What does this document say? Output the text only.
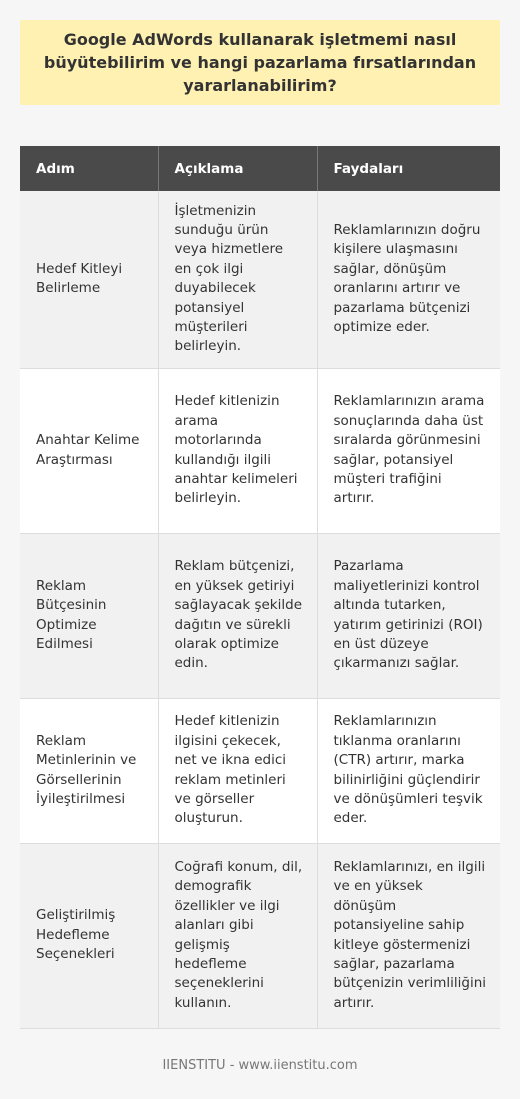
Google AdWords kullanarak işletmemi nasıl büyütebilirim ve hangi pazarlama fırsatlarından yararlanabilirim?
Adım	Açıklama	Faydaları
Hedef Kitleyi Belirleme	İşletmenizin sunduğu ürün veya hizmetlere en çok ilgi duyabilecek potansiyel müşterileri belirleyin.	Reklamlarınızın doğru kişilere ulaşmasını sağlar, dönüşüm oranlarını artırır ve pazarlama bütçenizi optimize eder.
Anahtar Kelime Araştırması	Hedef kitlenizin arama motorlarında kullandığı ilgili anahtar kelimeleri belirleyin.	Reklamlarınızın arama sonuçlarında daha üst sıralarda görünmesini sağlar, potansiyel müşteri trafiğini artırır.
Reklam Bütçesinin Optimize Edilmesi	Reklam bütçenizi, en yüksek getiriyi sağlayacak şekilde dağıtın ve sürekli olarak optimize edin.	Pazarlama maliyetlerinizi kontrol altında tutarken, yatırım getirinizi (ROI) en üst düzeye çıkarmanızı sağlar.
Reklam Metinlerinin ve Görsellerinin İyileştirilmesi	Hedef kitlenizin ilgisini çekecek, net ve ikna edici reklam metinleri ve görseller oluşturun.	Reklamlarınızın tıklanma oranlarını (CTR) artırır, marka bilinirliğini güçlendirir ve dönüşümleri teşvik eder.
Geliştirilmiş Hedefleme Seçenekleri	Coğrafi konum, dil, demografik özellikler ve ilgi alanları gibi gelişmiş hedefleme seçeneklerini kullanın.	Reklamlarınızı, en ilgili ve en yüksek dönüşüm potansiyeline sahip kitleye göstermenizi sağlar, pazarlama bütçenizin verimliliğini artırır.
IIENSTITU - www.iienstitu.com
